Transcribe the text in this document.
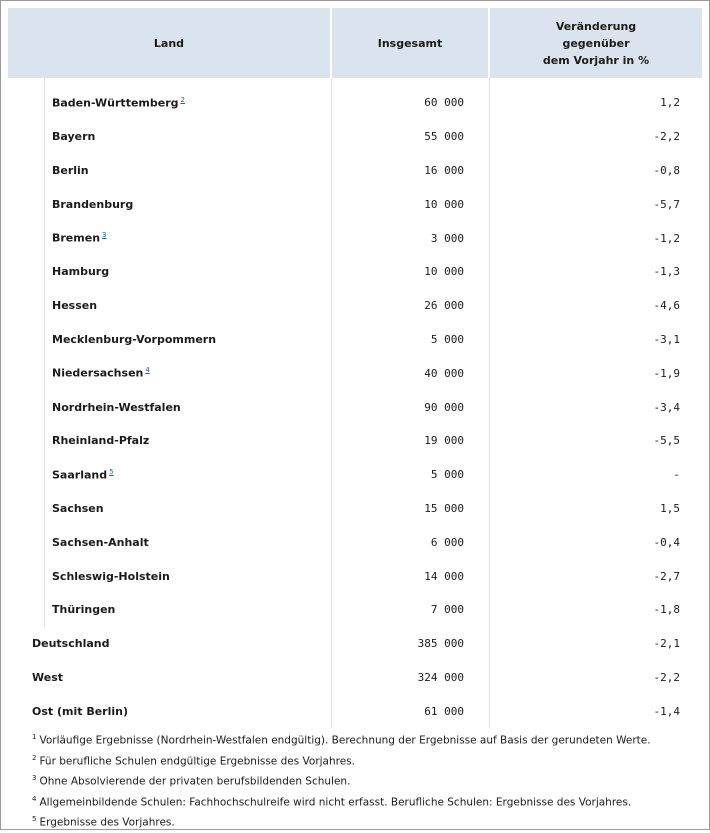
Land	Insgesamt	Veränderung
gegenüber
dem Vorjahr in %
Baden-Württemberg $^2$	60 000	1,2
Bayern	55 000	-2,2
Berlin	16 000	-0,8
Brandenburg	10 000	-5,7
Bremen $^3$	3 000	-1,2
Hamburg	10 000	-1,3
Hessen	26 000	-4,6
Mecklenburg-Vorpommern	5 000	-3,1
Niedersachsen $^4$	40 000	-1,9
Nordrhein-Westfalen	90 000	-3,4
Rheinland-Pfalz	19 000	-5,5
Saarland $^5$	5 000	-
Sachsen	15 000	1,5
Sachsen-Anhalt	6 000	-0,4
Schleswig-Holstein	14 000	-2,7
Thüringen	7 000	-1,8
Deutschland	385 000	-2,1
West	324 000	-2,2
Ost (mit Berlin)	61 000	-1,4
$^1$ Vorläufige Ergebnisse (Nordrhein-Westfalen endgültig). Berechnung der Ergebnisse auf Basis der gerundeten Werte.
$^2$ Für berufliche Schulen endgültige Ergebnisse des Vorjahres.
$^3$ Ohne Absolvierende der privaten berufsbildenden Schulen.
$^4$ Allgemeinbildende Schulen: Fachhochschulreife wird nicht erfasst. Berufliche Schulen: Ergebnisse des Vorjahres.
$^5$ Ergebnisse des Vorjahres.
